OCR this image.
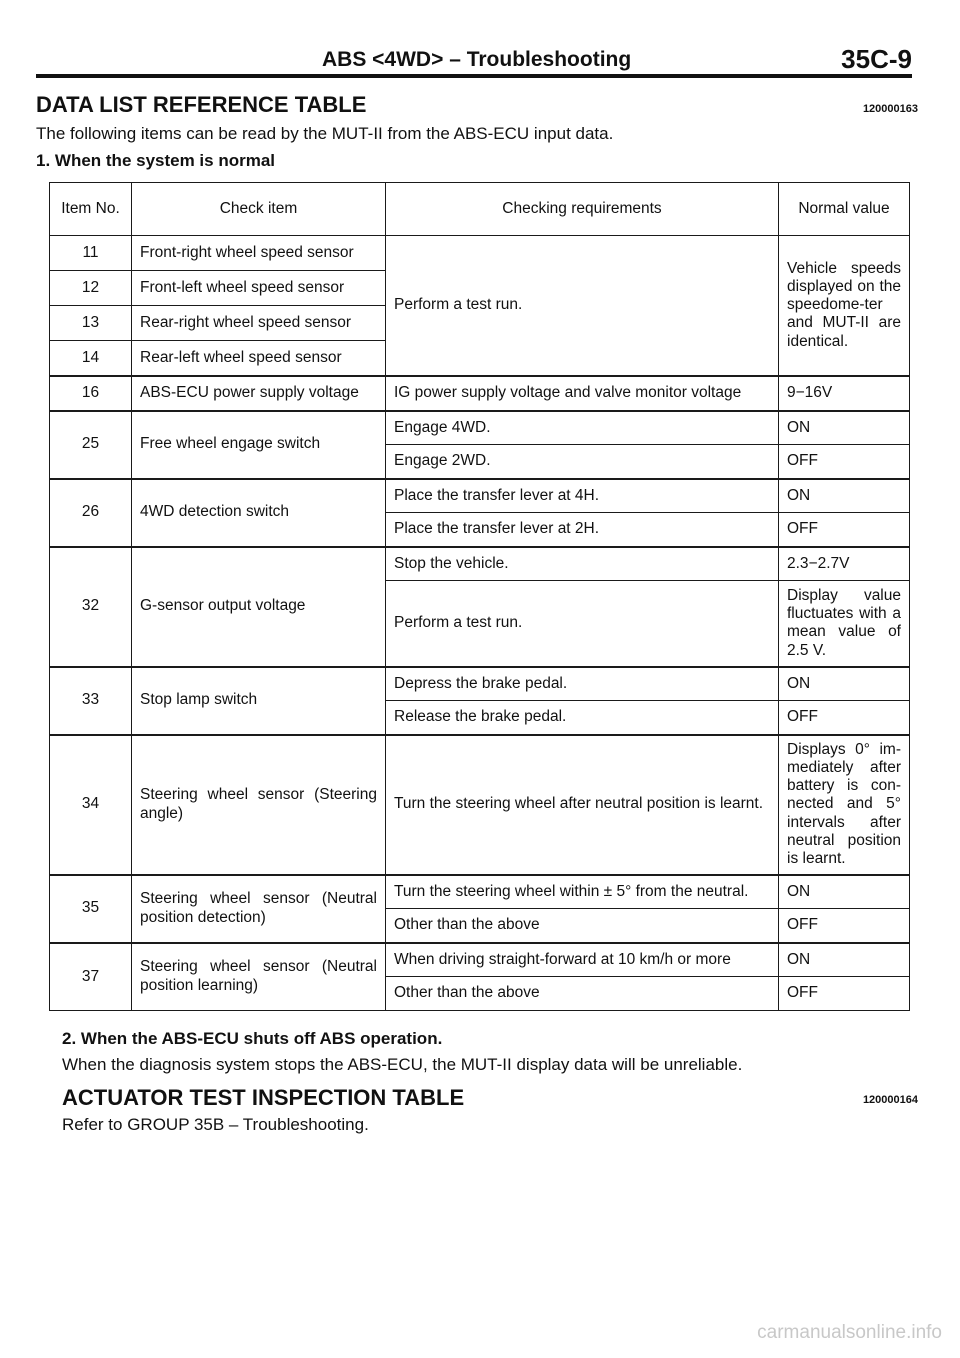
ABS <4WD> – Troubleshooting	35C-9
DATA LIST REFERENCE TABLE	120000163
The following items can be read by the MUT-II from the ABS-ECU input data.
1. When the system is normal
Item No.	Check item	Checking requirements	Normal value
11	Front-right wheel speed sensor	Perform a test run.	Vehicle speeds displayed on the speedome-ter and MUT-II are identical.
12	Front-left wheel speed sensor		
13	Rear-right wheel speed sensor		
14	Rear-left wheel speed sensor		
16	ABS-ECU power supply voltage	IG power supply voltage and valve monitor voltage	9−16V
25	Free wheel engage switch	Engage 4WD.	ON
		Engage 2WD.	OFF
26	4WD detection switch	Place the transfer lever at 4H.	ON
		Place the transfer lever at 2H.	OFF
32	G-sensor output voltage	Stop the vehicle.	2.3−2.7V
		Perform a test run.	Display value fluctuates with a mean value of 2.5 V.
33	Stop lamp switch	Depress the brake pedal.	ON
		Release the brake pedal.	OFF
34	Steering wheel sensor (Steering angle)	Turn the steering wheel after neutral position is learnt.	Displays 0° im-mediately after battery is con-nected and 5° intervals after neutral position is learnt.
35	Steering wheel sensor (Neutral position detection)	Turn the steering wheel within ± 5° from the neutral.	ON
		Other than the above	OFF
37	Steering wheel sensor (Neutral position learning)	When driving straight-forward at 10 km/h or more	ON
		Other than the above	OFF
2. When the ABS-ECU shuts off ABS operation.
When the diagnosis system stops the ABS-ECU, the MUT-II display data will be unreliable.
ACTUATOR TEST INSPECTION TABLE	120000164
Refer to GROUP 35B – Troubleshooting.
carmanualsonline.info
